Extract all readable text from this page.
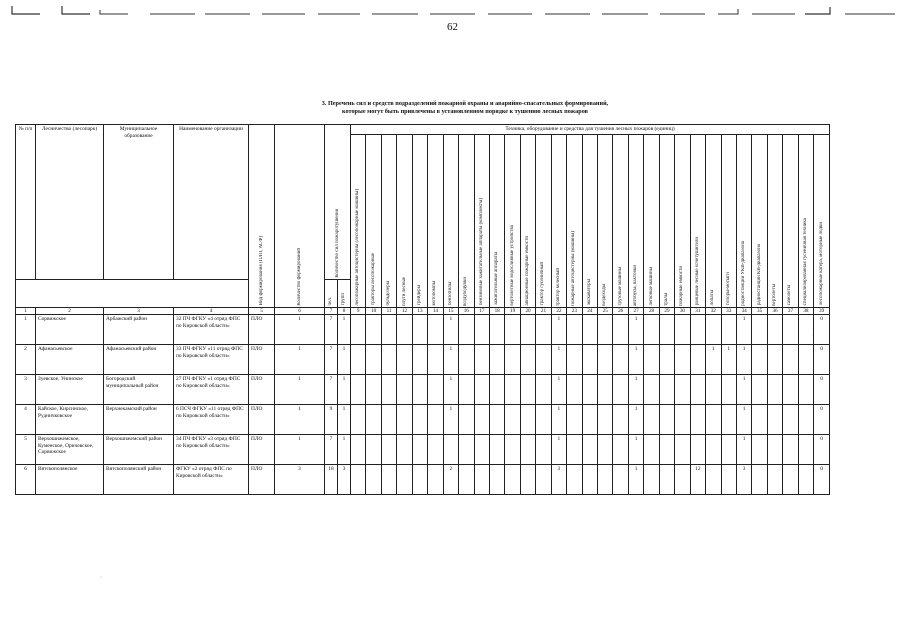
62
3. Перечень сил и средств подразделений пожарной охраны и аварийно-спасательных формирований,
которые могут быть привлечены в установленном порядке к тушению лесных пожаров
№ п/п	Лесничество (лесопарк)	Муниципальное образование	Наименование организации	Вид формирования (ПЛО, АСФ)	Количество формирований	Количество сил пожаротушения		Техника, оборудование и средства для тушения лесных пожаров (единиц)																														

								лесопожарные автоцистерны (лесопожарные машины)	тракторы лесопожарные	бульдозеры	плуги лесные	грейдеры	мотопомпы	бензопилы	воздуходувки	бензиновые зажигательные аппараты (комплекты)	зажигательные аппараты	вертолётные водосливные устройства	авиационные пожарные емкости	трактор гусеничный	трактор колёсный	пожарные автоцистерны (машины)	экскаваторы	вездеходы	грузовые машины	автобусы, вахтовки	легковые машины	тралы	пожарные емкости	ранцевые лесные огнетушители	лопаты	топоры-мотыги	радиостанции УКВ-диапазона	радиостанции КВ-диапазона	вертолеты	самолеты	специализированная гусеничная техника	лесопожарные катера, моторные лодки

						чел.	групп																															

1	2	3	4	5	6	7	8	9	10	11	12	13	14	15	16	17	18	19	20	21	22	23	24	25	26	27	28	29	30	31	32	33	34	35	36	37	38	39
1	Сорвижское	Арбажский район	32 ПЧ ФГКУ «4 отряд ФПС по Кировской области»	ПЛО	1	7	1							1							1					1							1					0
2	Афанасьевское	Афанасьевский район	33 ПЧ ФГКУ «11 отряд ФПС по Кировской области»	ПЛО	1	7	1							1							1					1					1	1	1					0
3	Зуевское, Унинское	Богородский муниципальный район	27 ПЧ ФГКУ «1 отряд ФПС по Кировской области»	ПЛО	1	7	1							1							1					1							1					0
4	Кайское, Кирсинское, Рудничковское	Верхнекамский район	6 ПСЧ ФГКУ «11 отряд ФПС по Кировской области»	ПЛО	1	9	1							1							1					1							1					0
5	Верхошижемское, Куменское, Оричевское, Сорвижское	Верхошижемский район	34 ПЧ ФГКУ «3 отряд ФПС по Кировской области»	ПЛО	1	7	1														1					1							1					0
6	Вятскополянское	Вятскополянский район	ФГКУ «2 отряд ФПС по Кировской области»	ПЛО	3	18	3							2							3					1				12			3					0
·
·
